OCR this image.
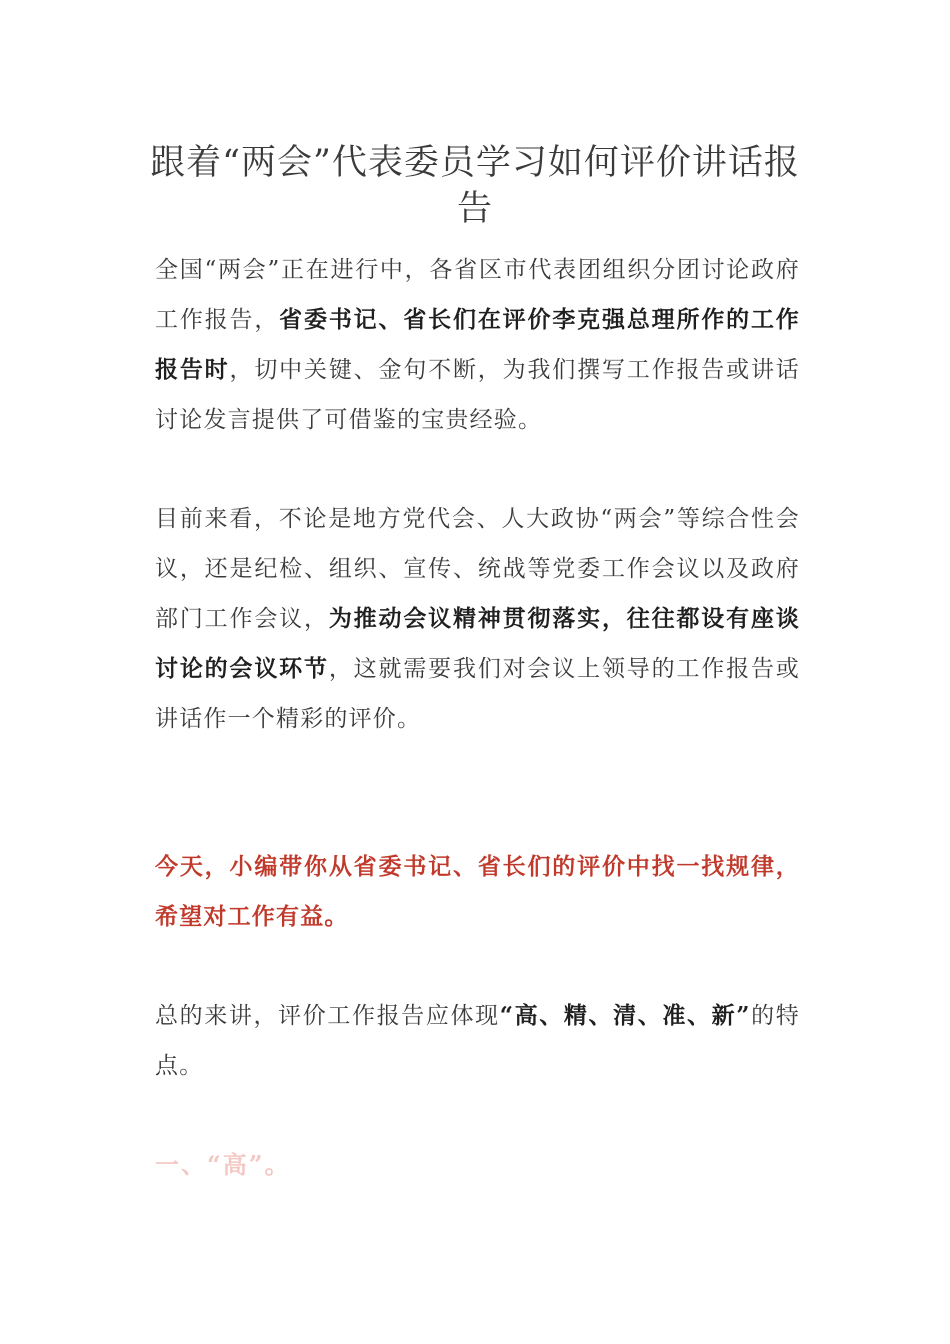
跟着“两会”代表委员学习如何评价讲话报告

全国“两会”正在进行中，各省区市代表团组织分团讨论政府工作报告，省委书记、省长们在评价李克强总理所作的工作报告时，切中关键、金句不断，为我们撰写工作报告或讲话讨论发言提供了可借鉴的宝贵经验。

目前来看，不论是地方党代会、人大政协“两会”等综合性会议，还是纪检、组织、宣传、统战等党委工作会议以及政府部门工作会议，为推动会议精神贯彻落实，往往都设有座谈讨论的会议环节，这就需要我们对会议上领导的工作报告或讲话作一个精彩的评价。

今天，小编带你从省委书记、省长们的评价中找一找规律，希望对工作有益。

总的来讲，评价工作报告应体现“高、精、清、准、新”的特点。

一、“高”。
